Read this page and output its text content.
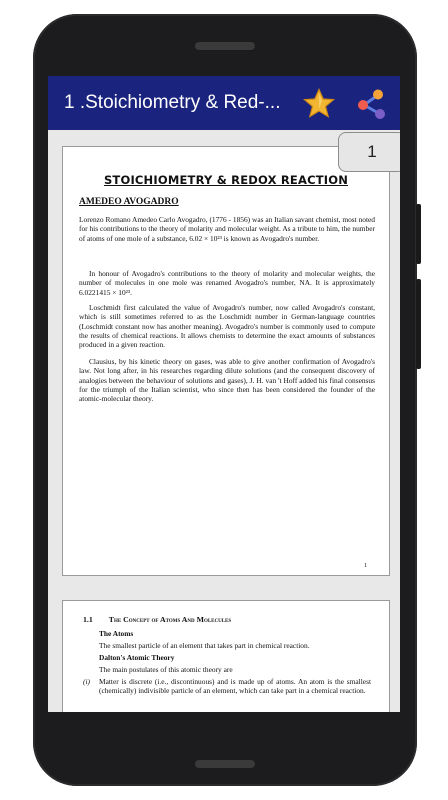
1 .Stoichiometry & Red-...
1
STOICHIOMETRY & REDOX REACTION
AMEDEO AVOGADRO
Lorenzo Romano Amedeo Carlo Avogadro, (1776 - 1856) was an Italian savant chemist, most noted for his contributions to the theory of molarity and molecular weight. As a tribute to him, the number of atoms of one mole of a substance, 6.02 × 10²³ is known as Avogadro's number.
In honour of Avogadro's contributions to the theory of molarity and molecular weights, the number of molecules in one mole was renamed Avogadro's number, NA. It is approximately 6.0221415 × 10²³.
Loschmidt first calculated the value of Avogadro's number, now called Avogadro's constant, which is still sometimes referred to as the Loschmidt number in German-language countries (Loschmidt constant now has another meaning). Avogadro's number is commonly used to compute the results of chemical reactions. It allows chemists to determine the exact amounts of substances produced in a given reaction.
Clausius, by his kinetic theory on gases, was able to give another confirmation of Avogadro's law. Not long after, in his researches regarding dilute solutions (and the consequent discovery of analogies between the behaviour of solutions and gases), J. H. van 't Hoff added his final consensus for the triumph of the Italian scientist, who since then has been considered the founder of the atomic-molecular theory.
1
1.1 The Concept of Atoms And Molecules
The Atoms
The smallest particle of an element that takes part in chemical reaction.
Dalton's Atomic Theory
The main postulates of this atomic theory are
(i) Matter is discrete (i.e., discontinuous) and is made up of atoms. An atom is the smallest (chemically) indivisible particle of an element, which can take part in a chemical reaction.
